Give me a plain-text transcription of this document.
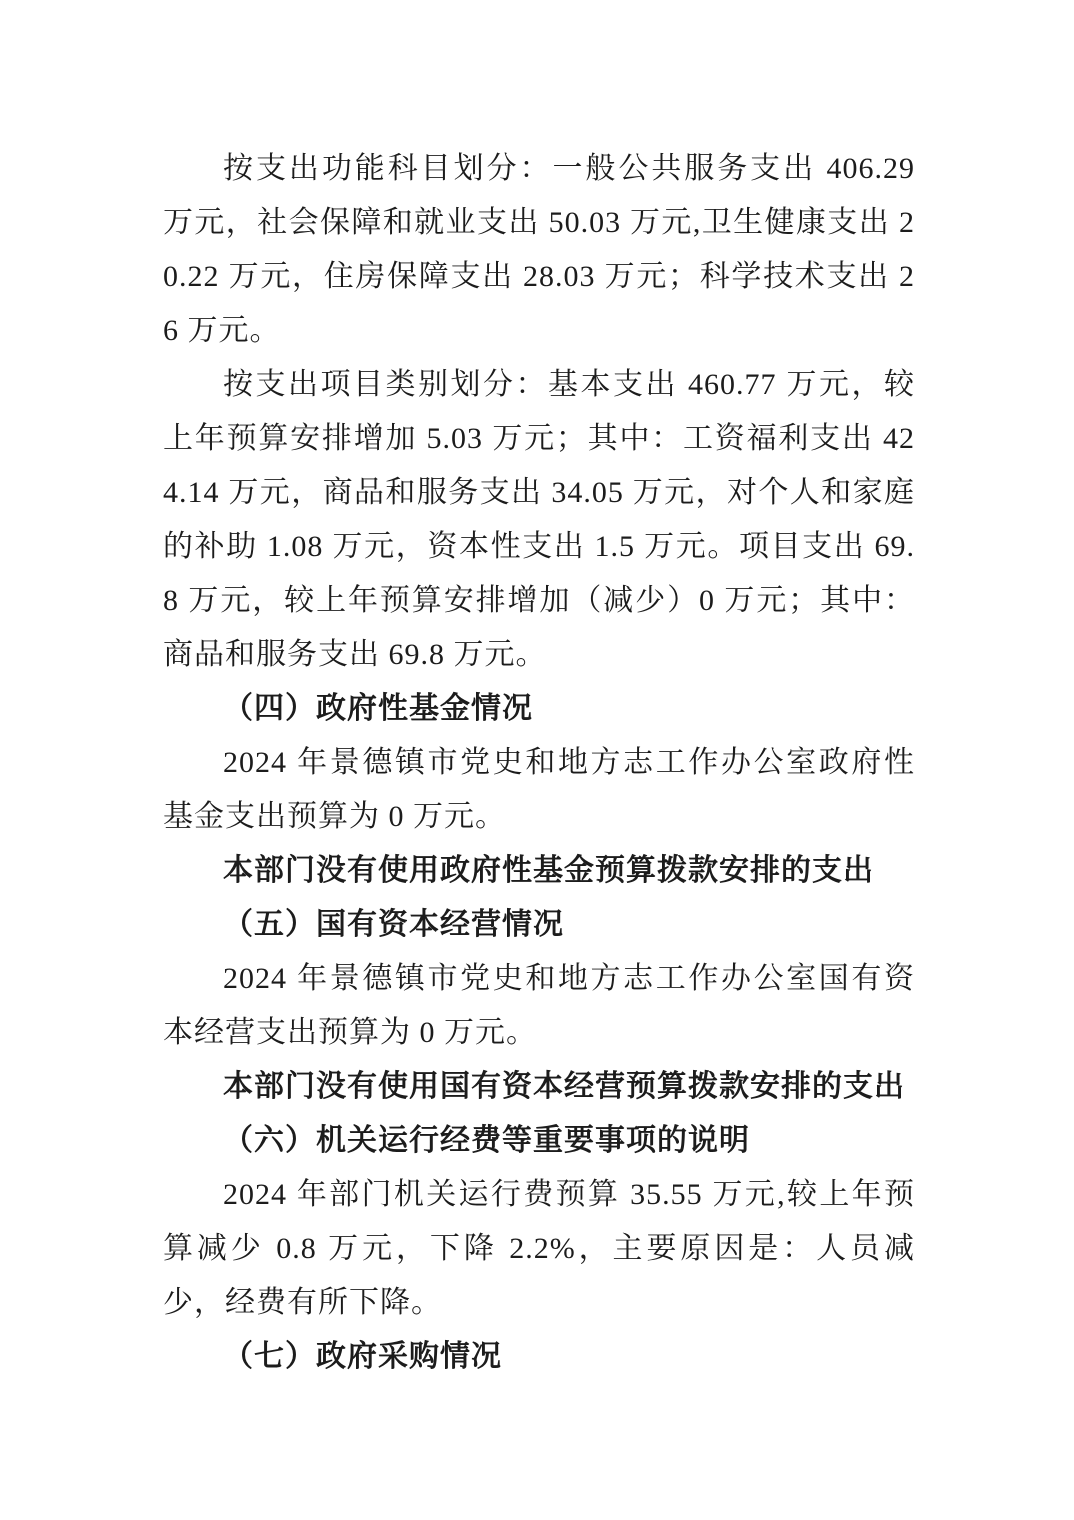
按支出功能科目划分：一般公共服务支出 406.29 万元，社会保障和就业支出 50.03 万元,卫生健康支出 20.22 万元，住房保障支出 28.03 万元；科学技术支出 26 万元。

按支出项目类别划分：基本支出 460.77 万元，较上年预算安排增加 5.03 万元；其中：工资福利支出 424.14 万元，商品和服务支出 34.05 万元，对个人和家庭的补助 1.08 万元，资本性支出 1.5 万元。项目支出 69.8 万元，较上年预算安排增加（减少）0 万元；其中：商品和服务支出 69.8 万元。

（四）政府性基金情况

2024 年景德镇市党史和地方志工作办公室政府性基金支出预算为 0 万元。

本部门没有使用政府性基金预算拨款安排的支出

（五）国有资本经营情况

2024 年景德镇市党史和地方志工作办公室国有资本经营支出预算为 0 万元。

本部门没有使用国有资本经营预算拨款安排的支出

（六）机关运行经费等重要事项的说明

2024 年部门机关运行费预算 35.55 万元,较上年预算减少 0.8 万元，下降 2.2%，主要原因是：人员减少，经费有所下降。

（七）政府采购情况
